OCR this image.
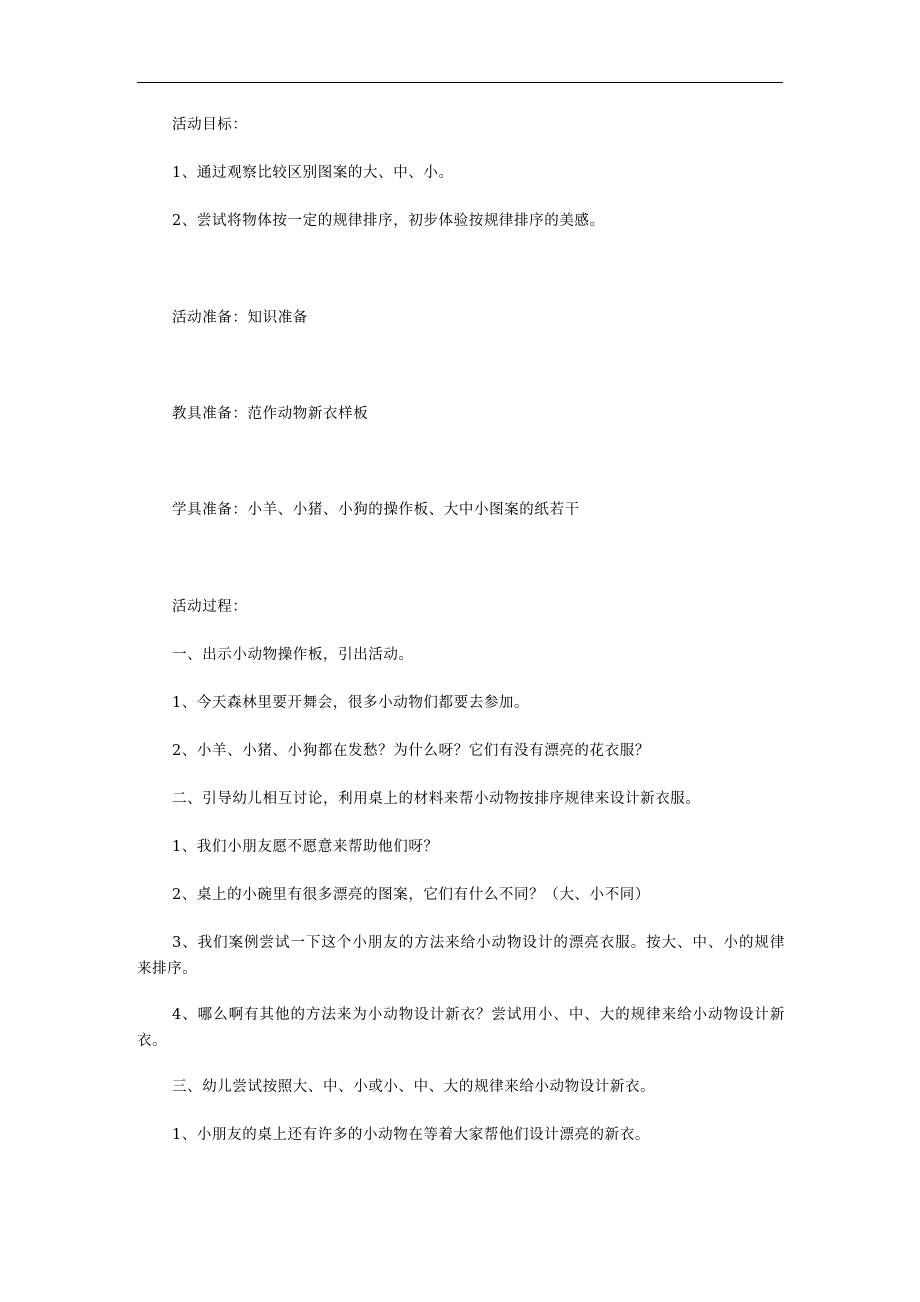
活动目标：
1、通过观察比较区别图案的大、中、小。
2、尝试将物体按一定的规律排序，初步体验按规律排序的美感。
活动准备：知识准备
教具准备：范作动物新衣样板
学具准备：小羊、小猪、小狗的操作板、大中小图案的纸若干
活动过程：
一、出示小动物操作板，引出活动。
1、今天森林里要开舞会，很多小动物们都要去参加。
2、小羊、小猪、小狗都在发愁？为什么呀？它们有没有漂亮的花衣服？
二、引导幼儿相互讨论，利用桌上的材料来帮小动物按排序规律来设计新衣服。
1、我们小朋友愿不愿意来帮助他们呀？
2、桌上的小碗里有很多漂亮的图案，它们有什么不同？（大、小不同）
3、我们案例尝试一下这个小朋友的方法来给小动物设计的漂亮衣服。按大、中、小的规律来排序。
4、哪么啊有其他的方法来为小动物设计新衣？尝试用小、中、大的规律来给小动物设计新衣。
三、幼儿尝试按照大、中、小或小、中、大的规律来给小动物设计新衣。
1、小朋友的桌上还有许多的小动物在等着大家帮他们设计漂亮的新衣。
